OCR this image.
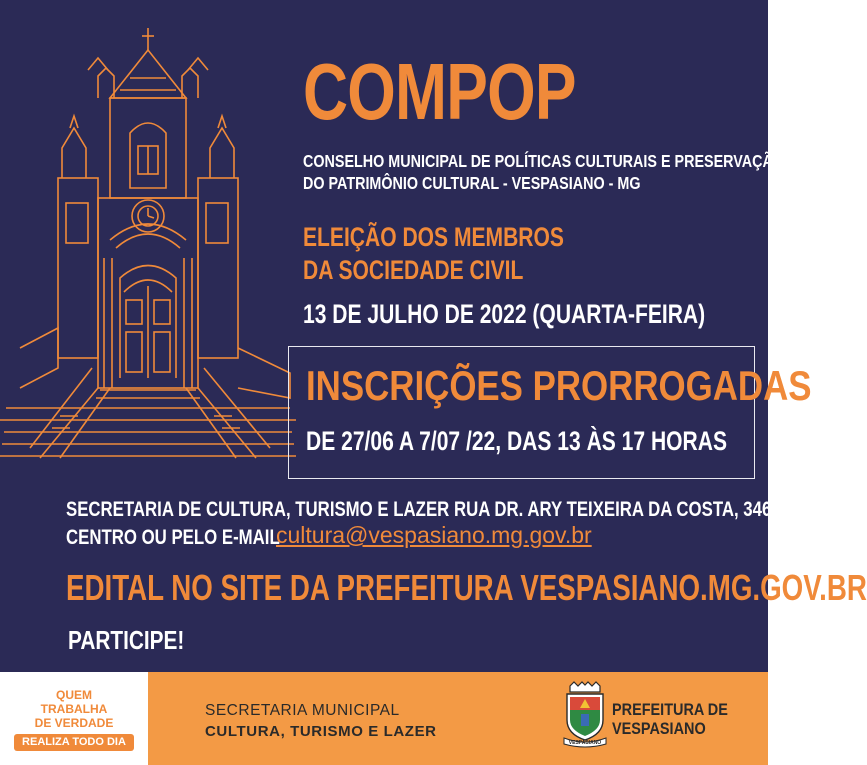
COMPOP
CONSELHO MUNICIPAL DE POLÍTICAS CULTURAIS E PRESERVAÇÃO
DO PATRIMÔNIO CULTURAL - VESPASIANO - MG
ELEIÇÃO DOS MEMBROS
DA SOCIEDADE CIVIL
13 DE JULHO DE 2022 (QUARTA-FEIRA)
INSCRIÇÕES PRORROGADAS
DE 27/06 A 7/07 /22, DAS 13 ÀS 17 HORAS
SECRETARIA DE CULTURA, TURISMO E LAZER RUA DR. ARY TEIXEIRA DA COSTA, 346
CENTRO OU PELO E-MAIL
cultura@vespasiano.mg.gov.br
EDITAL NO SITE DA PREFEITURA VESPASIANO.MG.GOV.BR
PARTICIPE!
QUEM
TRABALHA
DE VERDADE
REALIZA TODO DIA
SECRETARIA MUNICIPAL
CULTURA, TURISMO E LAZER
VESPASIANO
PREFEITURA DE
VESPASIANO
